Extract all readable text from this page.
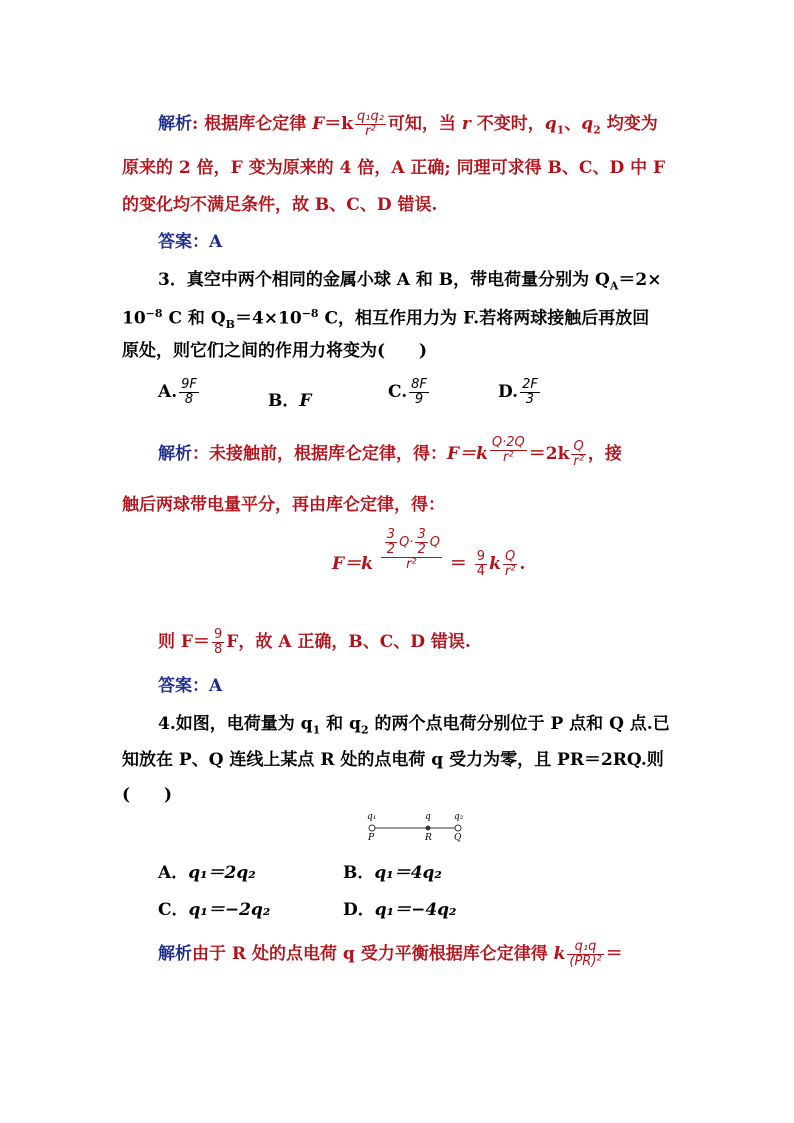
解析: 根据库仑定律 $F=k \frac{\text{q₁q₂}}{\text{r²}}$ 可知，当 r 不变时，$q_1$、$q_2$ 均变为
原来的 2 倍，F 变为原来的 4 倍，A 正确; 同理可求得 B、C、D 中 F
的变化均不满足条件，故 B、C、D 错误.
答案：A
3．真空中两个相同的金属小球 A 和 B，带电荷量分别为 $Q_A=2\times$
$10^{-8}$ C 和 $Q_B=4\times 10^{-8}$ C，相互作用力为 F.若将两球接触后再放回
原处，则它们之间的作用力将变为(　　)
A. $\frac{9F}{8}$	B．F	C. $\frac{8F}{9}$	D. $\frac{2F}{3}$
解析：未接触前，根据库仑定律，得：$F=k \frac{Q\cdot 2Q}{\text{r²}} =2k \frac{Q}{\text{r²}}$ ，接
触后两球带电量平分，再由库仑定律，得：
$F=k \frac{\frac{3}{2} Q\cdot \frac{3}{2} Q}{\text{r²}} = \frac{9}{4}$ k $\frac{Q}{\text{r²}}$ .
则 $F= \frac{9}{8}$ F，故 A 正确，B、C、D 错误.
答案：A
4.如图，电荷量为 $q_1$ 和 $q_2$ 的两个点电荷分别位于 P 点和 Q 点.已
知放在 P、Q 连线上某点 R 处的点电荷 q 受力为零，且 PR＝2RQ.则
(　　)
q₁	q	q₂
P	R Q
A．q₁＝2q₂	B．q₁＝4q₂
C．q₁＝−2q₂	D．q₁＝−4q₂
解析由于 R 处的点电荷 q 受力平衡根据库仑定律得 k $\frac{\text{q₁q}}{\text{(PR)²}}$ ＝
